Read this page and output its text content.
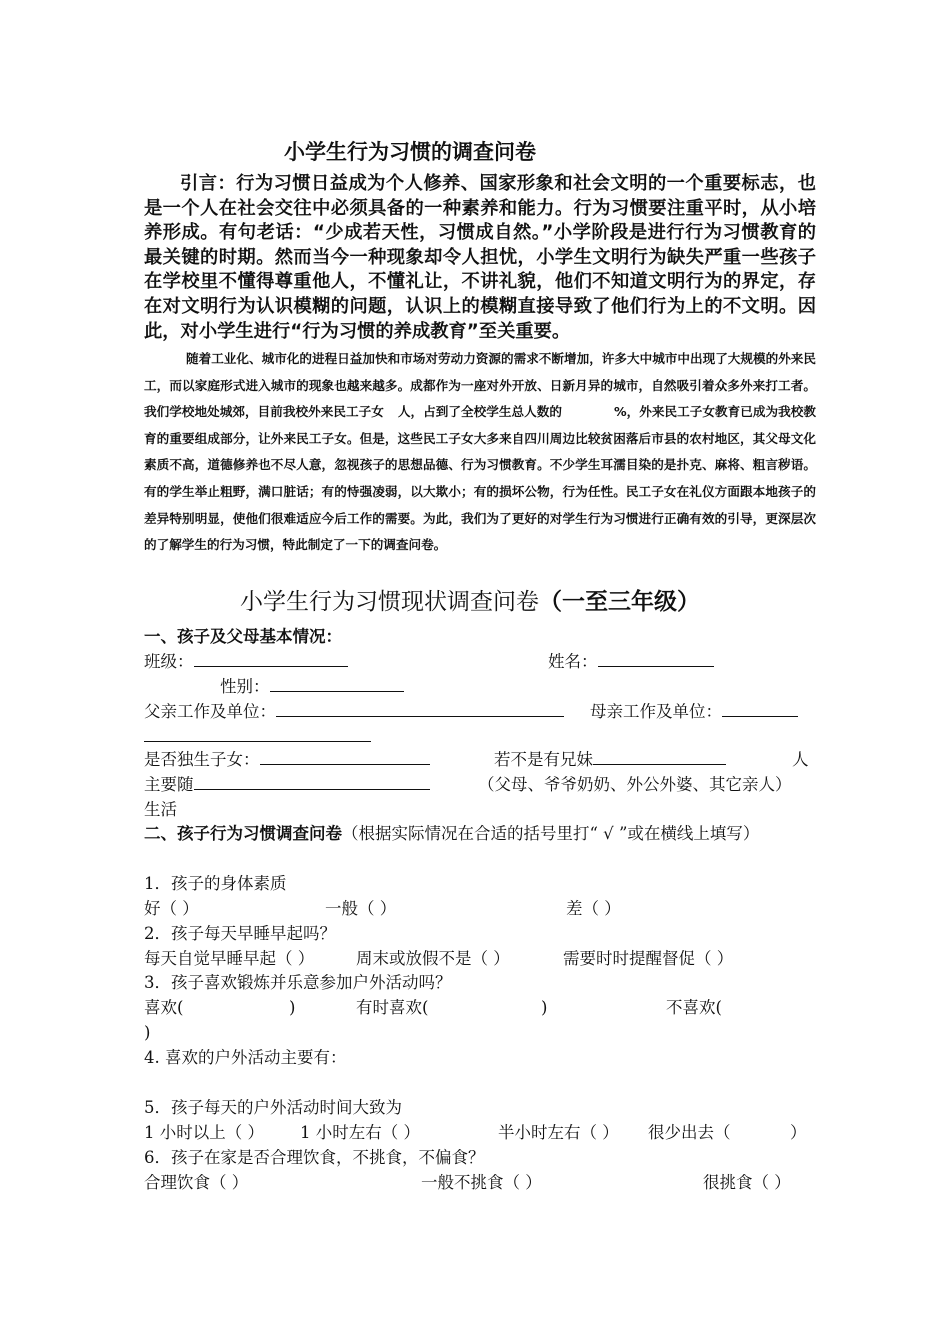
小学生行为习惯的调查问卷
引言：行为习惯日益成为个人修养、国家形象和社会文明的一个重要标志，也是一个人在社会交往中必须具备的一种素养和能力。行为习惯要注重平时，从小培养形成。有句老话：“少成若天性，习惯成自然。”小学阶段是进行行为习惯教育的最关键的时期。然而当今一种现象却令人担忧，小学生文明行为缺失严重一些孩子在学校里不懂得尊重他人，不懂礼让，不讲礼貌，他们不知道文明行为的界定，存在对文明行为认识模糊的问题，认识上的模糊直接导致了他们行为上的不文明。因此，对小学生进行“行为习惯的养成教育”至关重要。
随着工业化、城市化的进程日益加快和市场对劳动力资源的需求不断增加，许多大中城市中出现了大规模的外来民工，而以家庭形式进入城市的现象也越来越多。成都作为一座对外开放、日新月异的城市，自然吸引着众多外来打工者。我们学校地处城郊，目前我校外来民工子女 人，占到了全校学生总人数的	%，外来民工子女教育已成为我校教育的重要组成部分，让外来民工子女。但是，这些民工子女大多来自四川周边比较贫困落后市县的农村地区，其父母文化素质不高，道德修养也不尽人意，忽视孩子的思想品德、行为习惯教育。不少学生耳濡目染的是扑克、麻将、粗言秽语。有的学生举止粗野，满口脏话；有的恃强凌弱，以大欺小；有的损坏公物，行为任性。民工子女在礼仪方面跟本地孩子的差异特别明显，使他们很难适应今后工作的需要。为此，我们为了更好的对学生行为习惯进行正确有效的引导，更深层次的了解学生的行为习惯，特此制定了一下的调查问卷。
小学生行为习惯现状调查问卷（一至三年级）
一、孩子及父母基本情况：
班级：	姓名：
性别：
父亲工作及单位：	母亲工作及单位：
是否独生子女：	若不是有兄妹	人
主要随	（父母、爷爷奶奶、外公外婆、其它亲人）
生活
二、孩子行为习惯调查问卷（根据实际情况在合适的括号里打“ √ ”或在横线上填写）
1．孩子的身体素质
好（ ）	一般（ ）	差（ ）
2．孩子每天早睡早起吗？
每天自觉早睡早起（ ）	周末或放假不是（ ）	需要时时提醒督促（ ）
3．孩子喜欢锻炼并乐意参加户外活动吗？
喜欢(	)	有时喜欢(	)	不喜欢(
)
4. 喜欢的户外活动主要有：
5．孩子每天的户外活动时间大致为
1 小时以上（ ） 1 小时左右（ ）	半小时左右（ ） 很少出去（	）
6．孩子在家是否合理饮食，不挑食，不偏食？
合理饮食（ ）	一般不挑食（ ）	很挑食（ ）
